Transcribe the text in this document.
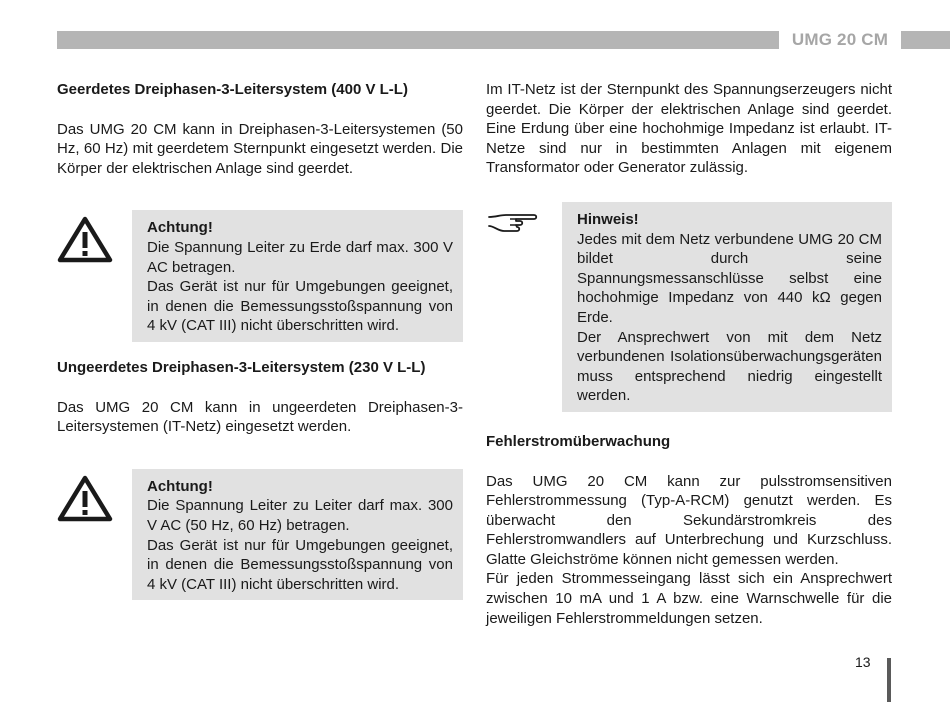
UMG 20 CM
Geerdetes Dreiphasen-3-Leitersystem (400 V L-L)

Das UMG 20 CM kann in Dreiphasen-3-Leitersystemen (50 Hz, 60 Hz) mit geerdetem Sternpunkt eingesetzt werden. Die Körper der elektrischen Anlage sind geerdet.

Achtung!
Die Spannung Leiter zu Erde darf max. 300 V AC betragen.
Das Gerät ist nur für Umgebungen geeignet, in denen die Bemessungsstoßspannung von 4 kV (CAT III) nicht überschritten wird.
Ungeerdetes Dreiphasen-3-Leitersystem (230 V L-L)

Das UMG 20 CM kann in ungeerdeten Dreiphasen-3-Leitersystemen (IT-Netz) eingesetzt werden.

Achtung!
Die Spannung Leiter zu Leiter darf max. 300 V AC (50 Hz, 60 Hz) betragen.
Das Gerät ist nur für Umgebungen geeignet, in denen die Bemessungsstoßspannung von 4 kV (CAT III) nicht überschritten wird.

Im IT-Netz ist der Sternpunkt des Spannungserzeugers nicht geerdet. Die Körper der elektrischen Anlage sind geerdet. Eine Erdung über eine hochohmige Impedanz ist erlaubt. IT-Netze sind nur in bestimmten Anlagen mit eigenem Transformator oder Generator zulässig.

Hinweis!
Jedes mit dem Netz verbundene UMG 20 CM bildet durch seine Spannungsmessanschlüsse selbst eine hochohmige Impedanz von 440 kΩ gegen Erde.
Der Ansprechwert von mit dem Netz verbundenen Isolationsüberwachungsgeräten muss entsprechend niedrig eingestellt werden.
Fehlerstromüberwachung

Das UMG 20 CM kann zur pulsstromsensitiven Fehlerstrommessung (Typ-A-RCM) genutzt werden. Es überwacht den Sekundärstromkreis des Fehlerstromwandlers auf Unterbrechung und Kurzschluss. Glatte Gleichströme können nicht gemessen werden.

Für jeden Strommesseingang lässt sich ein Ansprechwert zwischen 10 mA und 1 A bzw. eine Warnschwelle für die jeweiligen Fehlerstrommeldungen setzen.

13
